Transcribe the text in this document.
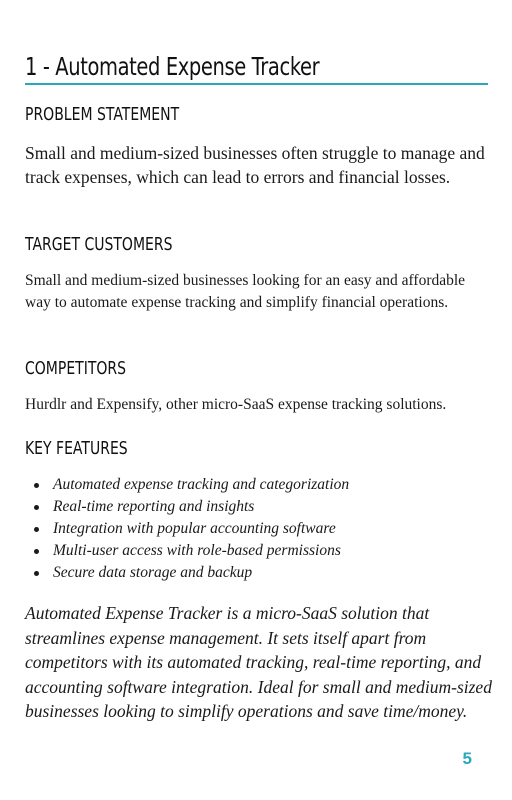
1 - Automated Expense Tracker
PROBLEM STATEMENT

Small and medium-sized businesses often struggle to manage and track expenses, which can lead to errors and financial losses.

TARGET CUSTOMERS

Small and medium-sized businesses looking for an easy and affordable way to automate expense tracking and simplify financial operations.

COMPETITORS

Hurdlr and Expensify, other micro-SaaS expense tracking solutions.

KEY FEATURES
Automated expense tracking and categorization
Real-time reporting and insights
Integration with popular accounting software
Multi-user access with role-based permissions
Secure data storage and backup

Automated Expense Tracker is a micro-SaaS solution that streamlines expense management. It sets itself apart from competitors with its automated tracking, real-time reporting, and accounting software integration. Ideal for small and medium-sized businesses looking to simplify operations and save time/money.

5
